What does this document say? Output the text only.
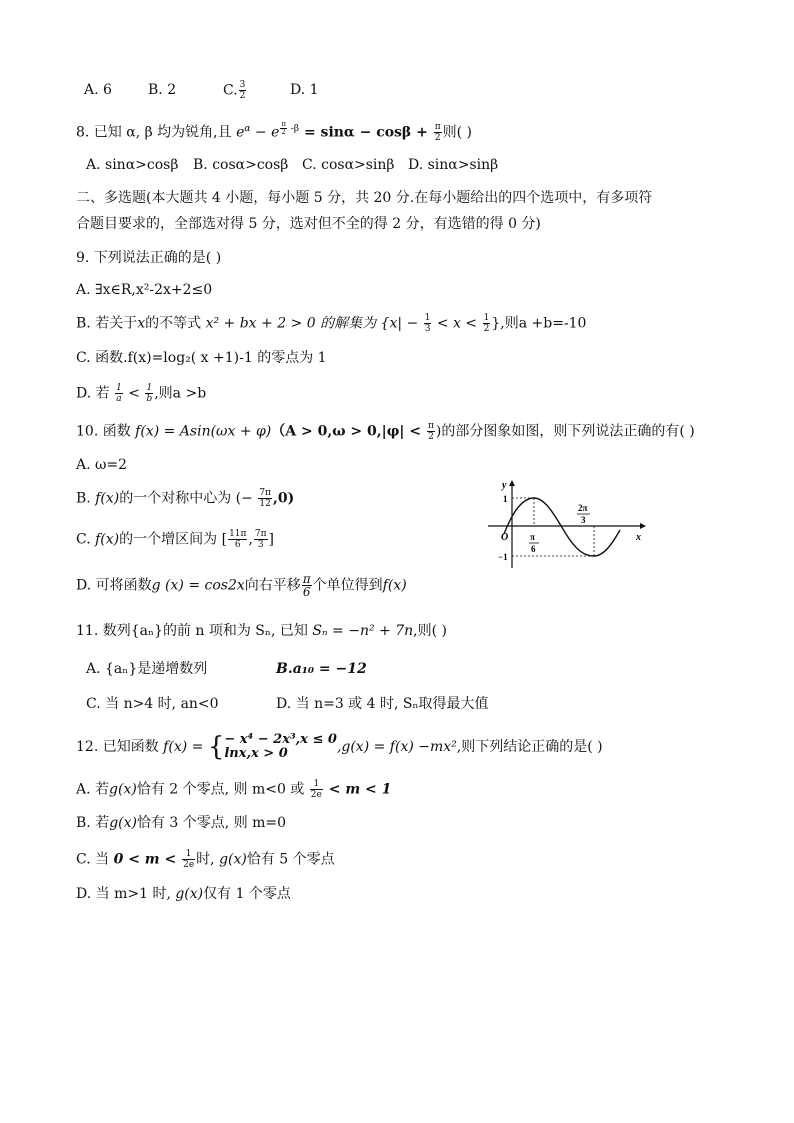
A. 6	B. 2	C. $\frac{3}{2}$	D. 1
8. 已知 α, β 均为锐角,且 $e^\alpha - e$ $^{\frac{\pi}{2} -\beta} = \sin\alpha - \cos\beta + \frac{\pi}{2}$ 则( )
A. sinα>cosβ B. cosα>cosβ C. cosα>sinβ D. sinα>sinβ
二、多选题(本大题共 4 小题，每小题 5 分，共 20 分.在每小题给出的四个选项中，有多项符
合题目要求的，全部选对得 5 分，选对但不全的得 2 分，有选错的得 0 分)
9. 下列说法正确的是( )
A. ∃x∈R,x²-2x+2≤0
B. 若关于x的不等式 x² + bx + 2 > 0 的解集为 {$x| - \frac{1}{3} < x < \frac{1}{2}$ },则a +b=-10
C. 函数.f(x)=log₂( x +1)-1 的零点为 1
D. 若 $\frac{1}{a} < \frac{1}{b}$ ,则a >b
10. 函数 $f(x) = Asin(\omega x + \varphi)(A > 0,\omega > 0,|\varphi| < \frac{\pi}{2}$ )的部分图象如图，则下列说法正确的有( )
A. ω=2
B. f(x)的一个对称中心为 (− $\frac{7\pi}{12} ,0$)
C. f(x)的一个增区间为 [ $\frac{11\pi}{6}$ , $\frac{7\pi}{3}$ ]
D. 可将函数g (x) = cos2x向右平移 $\frac{\pi}{6}$ 个单位得到f(x)
y
x
O
1
−1
π
6
2π
3
11. 数列{aₙ}的前 n 项和为 Sₙ, 已知 Sₙ = −n² + 7n,则( )
A. {aₙ}是递增数列	B.a₁₀ = −12
C. 当 n>4 时, an<0	D. 当 n=3 或 4 时, Sₙ取得最大值
12. 已知函数 f(x) = { − x⁴ − 2x³,x ≤ 0
lnx,x > 0	,g(x) = f(x) −mx²,则下列结论正确的是( )
A. 若g(x)恰有 2 个零点, 则 m<0 或 $\frac{1}{2e} < m < 1$
B. 若g(x)恰有 3 个零点, 则 m=0
C. 当 $0 < m < \frac{1}{2e}$ 时, g(x)恰有 5 个零点
D. 当 m>1 时, g(x)仅有 1 个零点
